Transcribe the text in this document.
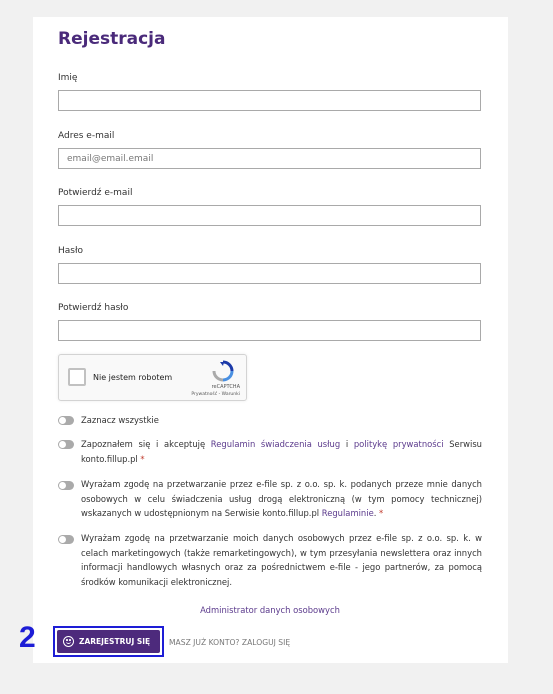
Rejestracja
Imię
Adres e-mail
email@email.email
Potwierdź e-mail
Hasło
Potwierdź hasło
Nie jestem robotem
reCAPTCHA
Prywatność - Warunki
Zaznacz wszystkie
Zapoznałem się i akceptuję Regulamin świadczenia usług i politykę prywatności Serwisu konto.fillup.pl *
Wyrażam zgodę na przetwarzanie przez e-file sp. z o.o. sp. k. podanych przeze mnie danych osobowych w celu świadczenia usług drogą elektroniczną (w tym pomocy technicznej) wskazanych w udostępnionym na Serwisie konto.fillup.pl Regulaminie. *
Wyrażam zgodę na przetwarzanie moich danych osobowych przez e-file sp. z o.o. sp. k. w celach marketingowych (także remarketingowych), w tym przesyłania newslettera oraz innych informacji handlowych własnych oraz za pośrednictwem e-file - jego partnerów, za pomocą środków komunikacji elektronicznej.
Administrator danych osobowych
2	ZAREJESTRUJ SIĘ MASZ JUŻ KONTO? ZALOGUJ SIĘ
